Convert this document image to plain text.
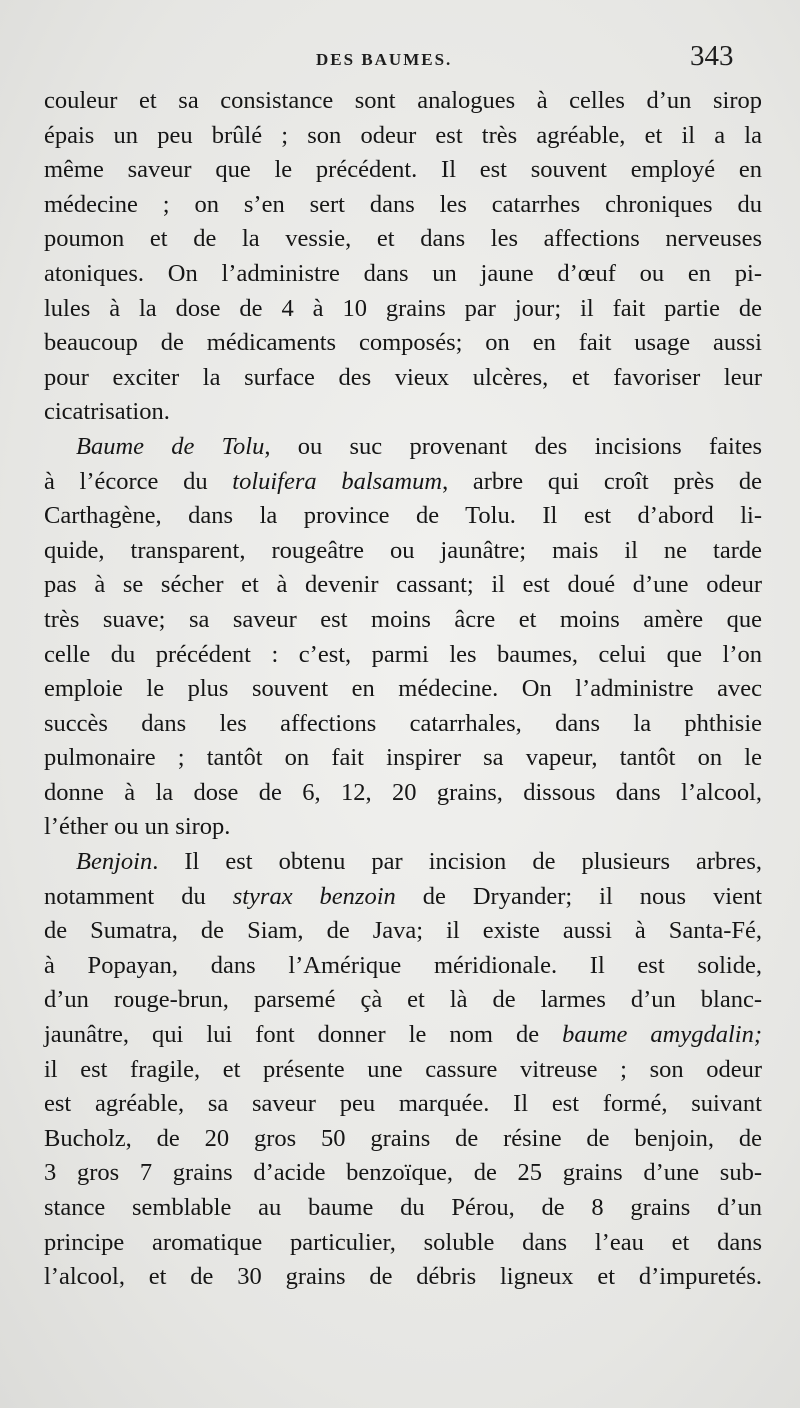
DES BAUMES.	343
couleur et sa consistance sont analogues à celles d’un sirop
épais un peu brûlé ; son odeur est très agréable, et il a la
même saveur que le précédent. Il est souvent employé en
médecine ; on s’en sert dans les catarrhes chroniques du
poumon et de la vessie, et dans les affections nerveuses
atoniques. On l’administre dans un jaune d’œuf ou en pi-
lules à la dose de 4 à 10 grains par jour; il fait partie de
beaucoup de médicaments composés; on en fait usage aussi
pour exciter la surface des vieux ulcères, et favoriser leur
cicatrisation.
Baume de Tolu, ou suc provenant des incisions faites
à l’écorce du toluifera balsamum, arbre qui croît près de
Carthagène, dans la province de Tolu. Il est d’abord li-
quide, transparent, rougeâtre ou jaunâtre; mais il ne tarde
pas à se sécher et à devenir cassant; il est doué d’une odeur
très suave; sa saveur est moins âcre et moins amère que
celle du précédent : c’est, parmi les baumes, celui que l’on
emploie le plus souvent en médecine. On l’administre avec
succès dans les affections catarrhales, dans la phthisie
pulmonaire ; tantôt on fait inspirer sa vapeur, tantôt on le
donne à la dose de 6, 12, 20 grains, dissous dans l’alcool,
l’éther ou un sirop.
Benjoin. Il est obtenu par incision de plusieurs arbres,
notamment du styrax benzoin de Dryander; il nous vient
de Sumatra, de Siam, de Java; il existe aussi à Santa-Fé,
à Popayan, dans l’Amérique méridionale. Il est solide,
d’un rouge-brun, parsemé çà et là de larmes d’un blanc-
jaunâtre, qui lui font donner le nom de baume amygdalin;
il est fragile, et présente une cassure vitreuse ; son odeur
est agréable, sa saveur peu marquée. Il est formé, suivant
Bucholz, de 20 gros 50 grains de résine de benjoin, de
3 gros 7 grains d’acide benzoïque, de 25 grains d’une sub-
stance semblable au baume du Pérou, de 8 grains d’un
principe aromatique particulier, soluble dans l’eau et dans
l’alcool, et de 30 grains de débris ligneux et d’impuretés.
